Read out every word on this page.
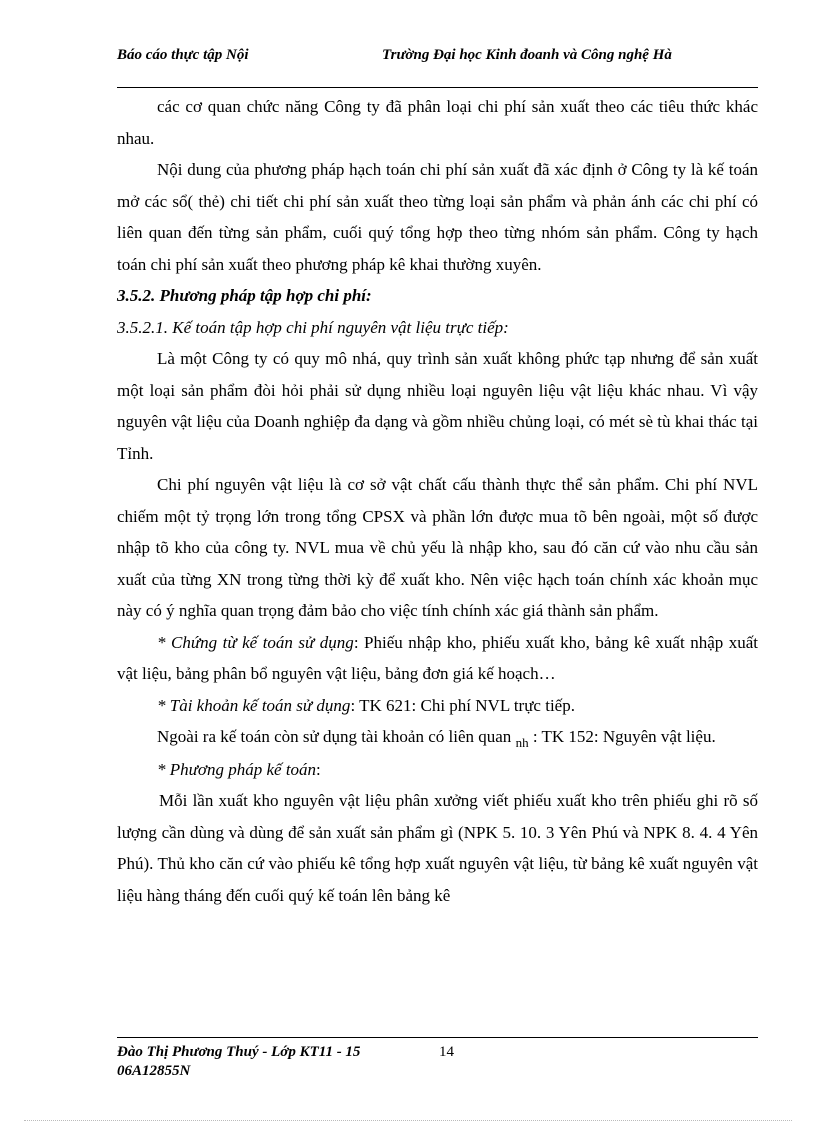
Báo cáo thực tập Nội	Trường Đại học Kinh đoanh và Công nghệ Hà

các cơ quan chức năng Công ty đã phân loại chi phí sản xuất theo các tiêu thức khác nhau.

Nội dung của phương pháp hạch toán chi phí sản xuất đã xác định ở Công ty là kế toán mở các sổ( thẻ) chi tiết chi phí sản xuất theo từng loại sản phẩm và phản ánh các chi phí có liên quan đến từng sản phẩm, cuối quý tổng hợp theo từng nhóm sản phẩm. Công ty hạch toán chi phí sản xuất theo phương pháp kê khai thường xuyên.

3.5.2. Phương pháp tập hợp chi phí:

3.5.2.1. Kế toán tập hợp chi phí nguyên vật liệu trực tiếp:

Là một Công ty có quy mô nhá, quy trình sản xuất không phức tạp nhưng để sản xuất một loại sản phẩm đòi hỏi phải sử dụng nhiều loại nguyên liệu vật liệu khác nhau. Vì vậy nguyên vật liệu của Doanh nghiệp đa dạng và gồm nhiều chủng loại, có mét sè tù khai thác tại Tỉnh.

Chi phí nguyên vật liệu là cơ sở vật chất cấu thành thực thể sản phẩm. Chi phí NVL chiếm một tỷ trọng lớn trong tổng CPSX và phần lớn được mua tõ bên ngoài, một số được nhập tõ kho của công ty. NVL mua về chủ yếu là nhập kho, sau đó căn cứ vào nhu cầu sản xuất của từng XN trong từng thời kỳ để xuất kho. Nên việc hạch toán chính xác khoản mục này có ý nghĩa quan trọng đảm bảo cho việc tính chính xác giá thành sản phẩm.

* Chứng từ kế toán sử dụng: Phiếu nhập kho, phiếu xuất kho, bảng kê xuất nhập xuất vật liệu, bảng phân bổ nguyên vật liệu, bảng đơn giá kế hoạch…

* Tài khoản kế toán sử dụng: TK 621: Chi phí NVL trực tiếp.

Ngoài ra kế toán còn sử dụng tài khoản có liên quan $_{nh}$ : TK 152: Nguyên vật liệu.

* Phương pháp kế toán:

Mỗi lần xuất kho nguyên vật liệu phân xưởng viết phiếu xuất kho trên phiếu ghi rõ số lượng cần dùng và dùng để sản xuất sản phẩm gì (NPK 5. 10. 3 Yên Phú và NPK 8. 4. 4 Yên Phú). Thủ kho căn cứ vào phiếu kê tổng hợp xuất nguyên vật liệu, từ bảng kê xuất nguyên vật liệu hàng tháng đến cuối quý kế toán lên bảng kê

Đào Thị Phương Thuý - Lớp KT11 - 15 06A12855N
14
